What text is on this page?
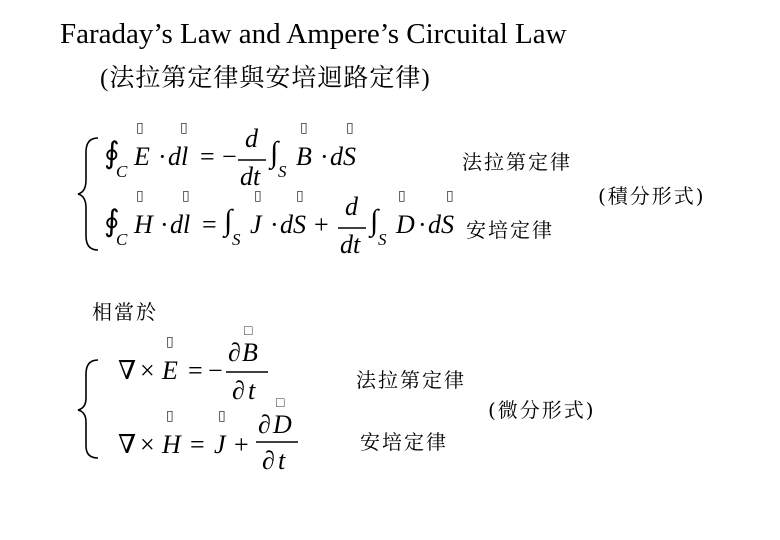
Faraday’s Law and Ampere’s Circuital Law
(法拉第定律與安培迴路定律)
∮
C
▯
E ·
▯
dl = −
d
dt
∫
S
▯
B ·
▯
dS	法拉第定律
(積分形式)
∮
C
▯
H ·
▯
dl = ∫
S
▯
J ·
▯
dS +
d
dt
∫
S
▯
D ·
▯
dS 安培定律
相當於
∇ ×
▯
E = −
□
∂ B
∂ t	法拉第定律
(微分形式)
∇ ×
▯
H =
▯
J +
□
∂ D
∂ t
安培定律
